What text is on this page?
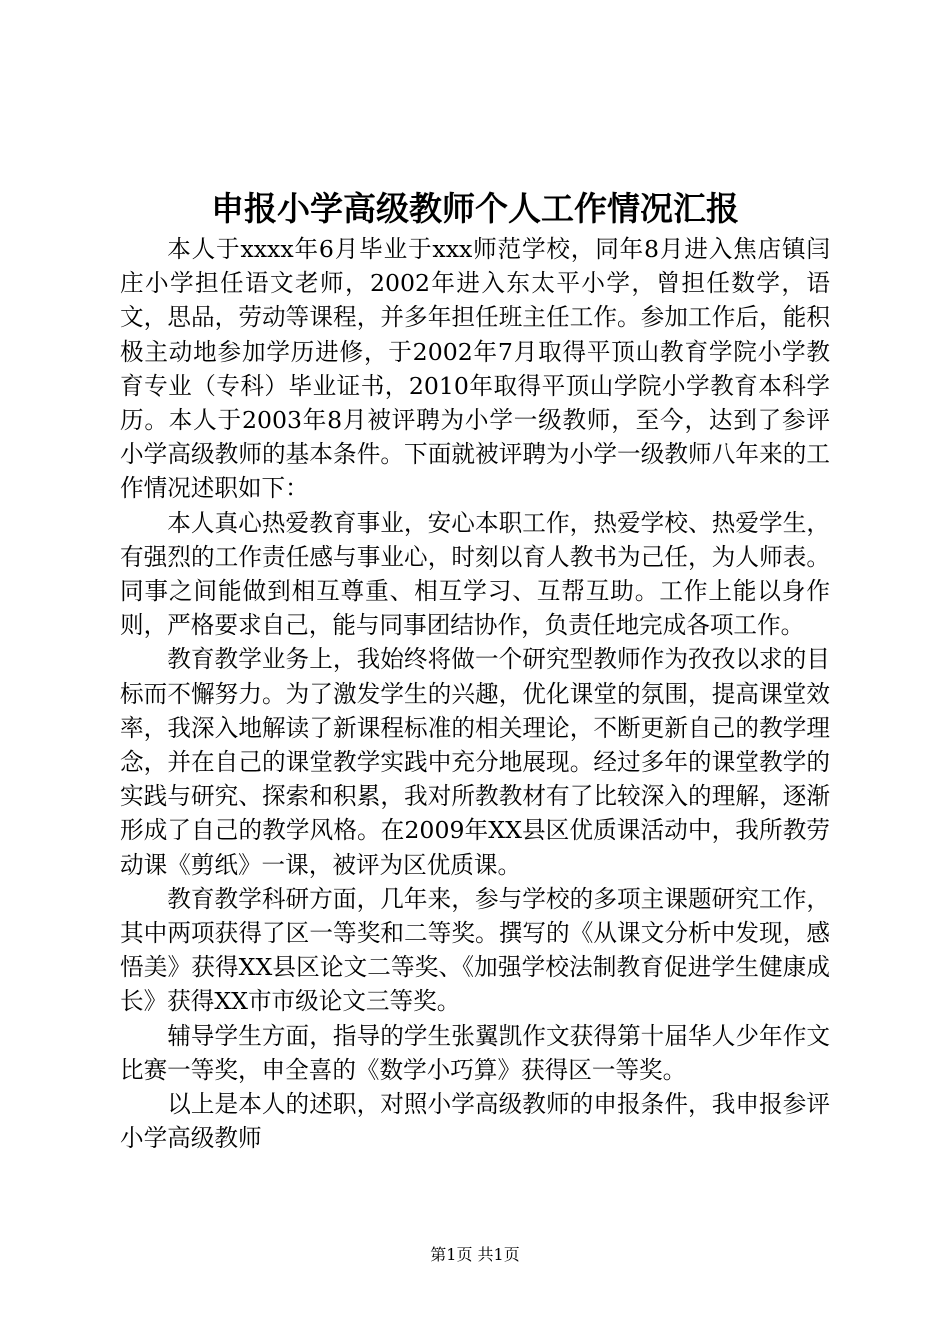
申报小学高级教师个人工作情况汇报

本人于xxxx年6月毕业于xxx师范学校，同年8月进入焦店镇闫庄小学担任语文老师，2002年进入东太平小学，曾担任数学，语文，思品，劳动等课程，并多年担任班主任工作。参加工作后，能积极主动地参加学历进修，于2002年7月取得平顶山教育学院小学教育专业（专科）毕业证书，2010年取得平顶山学院小学教育本科学历。本人于2003年8月被评聘为小学一级教师，至今，达到了参评小学高级教师的基本条件。下面就被评聘为小学一级教师八年来的工作情况述职如下：

本人真心热爱教育事业，安心本职工作，热爱学校、热爱学生，有强烈的工作责任感与事业心，时刻以育人教书为己任，为人师表。同事之间能做到相互尊重、相互学习、互帮互助。工作上能以身作则，严格要求自己，能与同事团结协作，负责任地完成各项工作。

教育教学业务上，我始终将做一个研究型教师作为孜孜以求的目标而不懈努力。为了激发学生的兴趣，优化课堂的氛围，提高课堂效率，我深入地解读了新课程标准的相关理论，不断更新自己的教学理念，并在自己的课堂教学实践中充分地展现。经过多年的课堂教学的实践与研究、探索和积累，我对所教教材有了比较深入的理解，逐渐形成了自己的教学风格。在2009年XX县区优质课活动中，我所教劳动课《剪纸》一课，被评为区优质课。

教育教学科研方面，几年来，参与学校的多项主课题研究工作，其中两项获得了区一等奖和二等奖。撰写的《从课文分析中发现，感悟美》获得XX县区论文二等奖、《加强学校法制教育促进学生健康成长》获得XX市市级论文三等奖。

辅导学生方面，指导的学生张翼凯作文获得第十届华人少年作文比赛一等奖，申全喜的《数学小巧算》获得区一等奖。

以上是本人的述职，对照小学高级教师的申报条件，我申报参评小学高级教师

第1页 共1页
